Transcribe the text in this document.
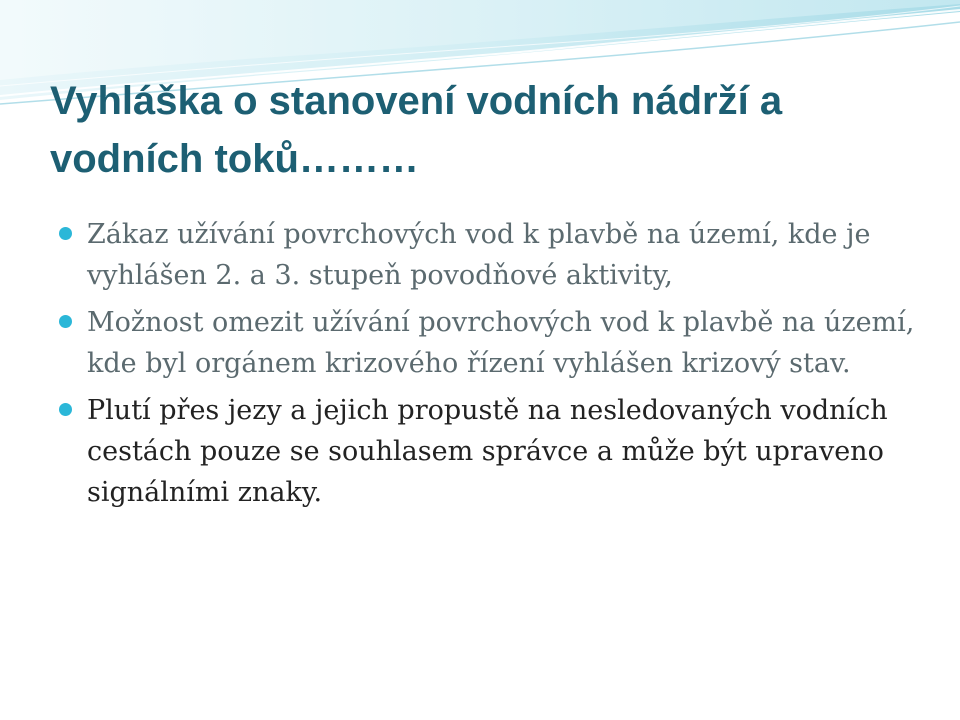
Vyhláška o stanovení vodních nádrží a vodních toků………
Zákaz užívání povrchových vod k plavbě na území, kde je vyhlášen 2. a 3. stupeň povodňové aktivity,
Možnost omezit užívání povrchových vod k plavbě na území, kde byl orgánem krizového řízení vyhlášen krizový stav.
Plutí přes jezy a jejich propustě na nesledovaných vodních cestách pouze se souhlasem správce a může být upraveno signálními znaky.
